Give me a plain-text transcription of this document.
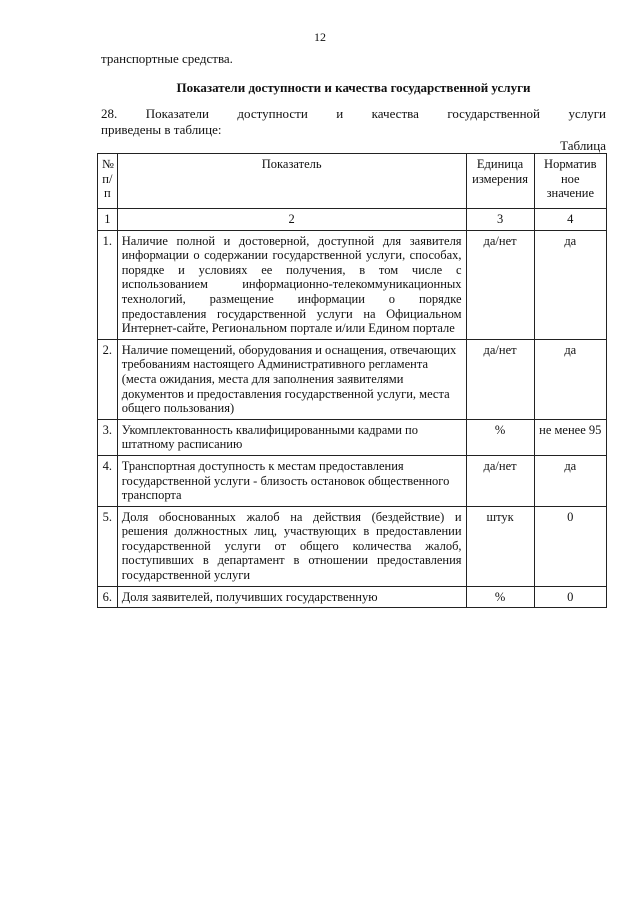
12
транспортные средства.
Показатели доступности и качества государственной услуги
28.    Показатели    доступности    и    качества    государственной    услуги
приведены в таблице:
Таблица
№ п/п	Показатель	Единица измерения	Норматив ное значение
1	2	3	4
1.	Наличие полной и достоверной, доступной для заявителя информации о содержании государственной услуги, способах, порядке и условиях ее получения, в том числе с использованием информационно-телекоммуникационных технологий, размещение информации о порядке предоставления государственной услуги на Официальном Интернет-сайте, Региональном портале и/или Едином портале	да/нет	да
2.	Наличие помещений, оборудования и оснащения, отвечающих требованиям настоящего Административного регламента (места ожидания, места для заполнения заявителями документов и предоставления государственной услуги, места общего пользования)	да/нет	да
3.	Укомплектованность квалифицированными кадрами по штатному расписанию	%	не менее 95
4.	Транспортная доступность к местам предоставления государственной услуги - близость остановок общественного транспорта	да/нет	да
5.	Доля обоснованных жалоб на действия (бездействие) и решения должностных лиц, участвующих в предоставлении государственной услуги от общего количества жалоб, поступивших в департамент в отношении предоставления государственной услуги	штук	0
6.	Доля заявителей, получивших государственную	%	0
